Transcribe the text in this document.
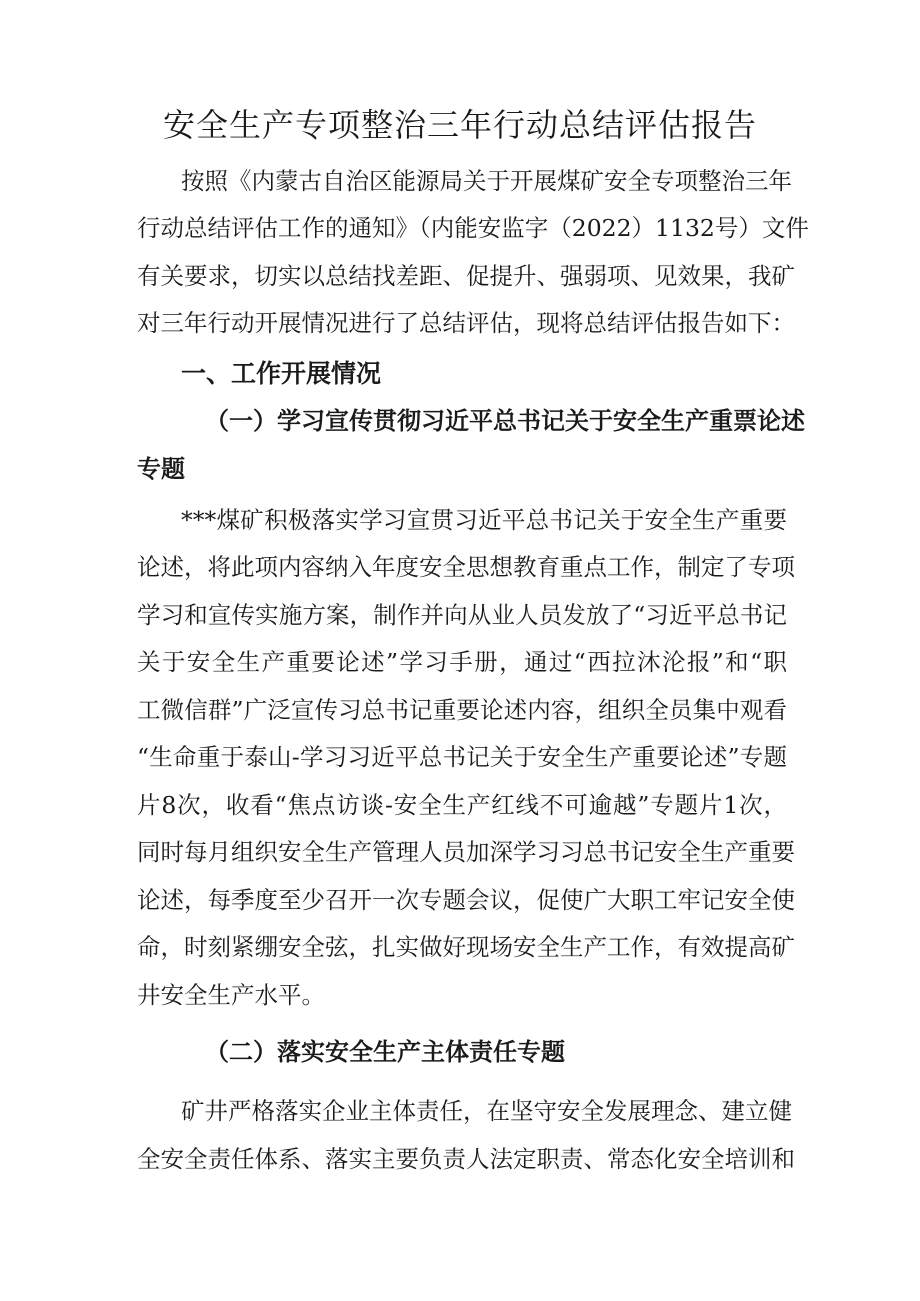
安全生产专项整治三年行动总结评估报告
按照《内蒙古自治区能源局关于开展煤矿安全专项整治三年
行动总结评估工作的通知》（内能安监字（2022）1132号）文件
有关要求，切实以总结找差距、促提升、强弱项、见效果，我矿
对三年行动开展情况进行了总结评估，现将总结评估报告如下：
一、工作开展情况
（一）学习宣传贯彻习近平总书记关于安全生产重票论述
专题
***煤矿积极落实学习宣贯习近平总书记关于安全生产重要
论述，将此项内容纳入年度安全思想教育重点工作，制定了专项
学习和宣传实施方案，制作并向从业人员发放了“习近平总书记
关于安全生产重要论述”学习手册，通过“西拉沐沦报”和“职
工微信群”广泛宣传习总书记重要论述内容，组织全员集中观看
“生命重于泰山-学习习近平总书记关于安全生产重要论述”专题
片8次，收看“焦点访谈-安全生产红线不可逾越”专题片1次，
同时每月组织安全生产管理人员加深学习习总书记安全生产重要
论述，每季度至少召开一次专题会议，促使广大职工牢记安全使
命，时刻紧绷安全弦，扎实做好现场安全生产工作，有效提高矿
井安全生产水平。
（二）落实安全生产主体责任专题
矿井严格落实企业主体责任，在坚守安全发展理念、建立健
全安全责任体系、落实主要负责人法定职责、常态化安全培训和
